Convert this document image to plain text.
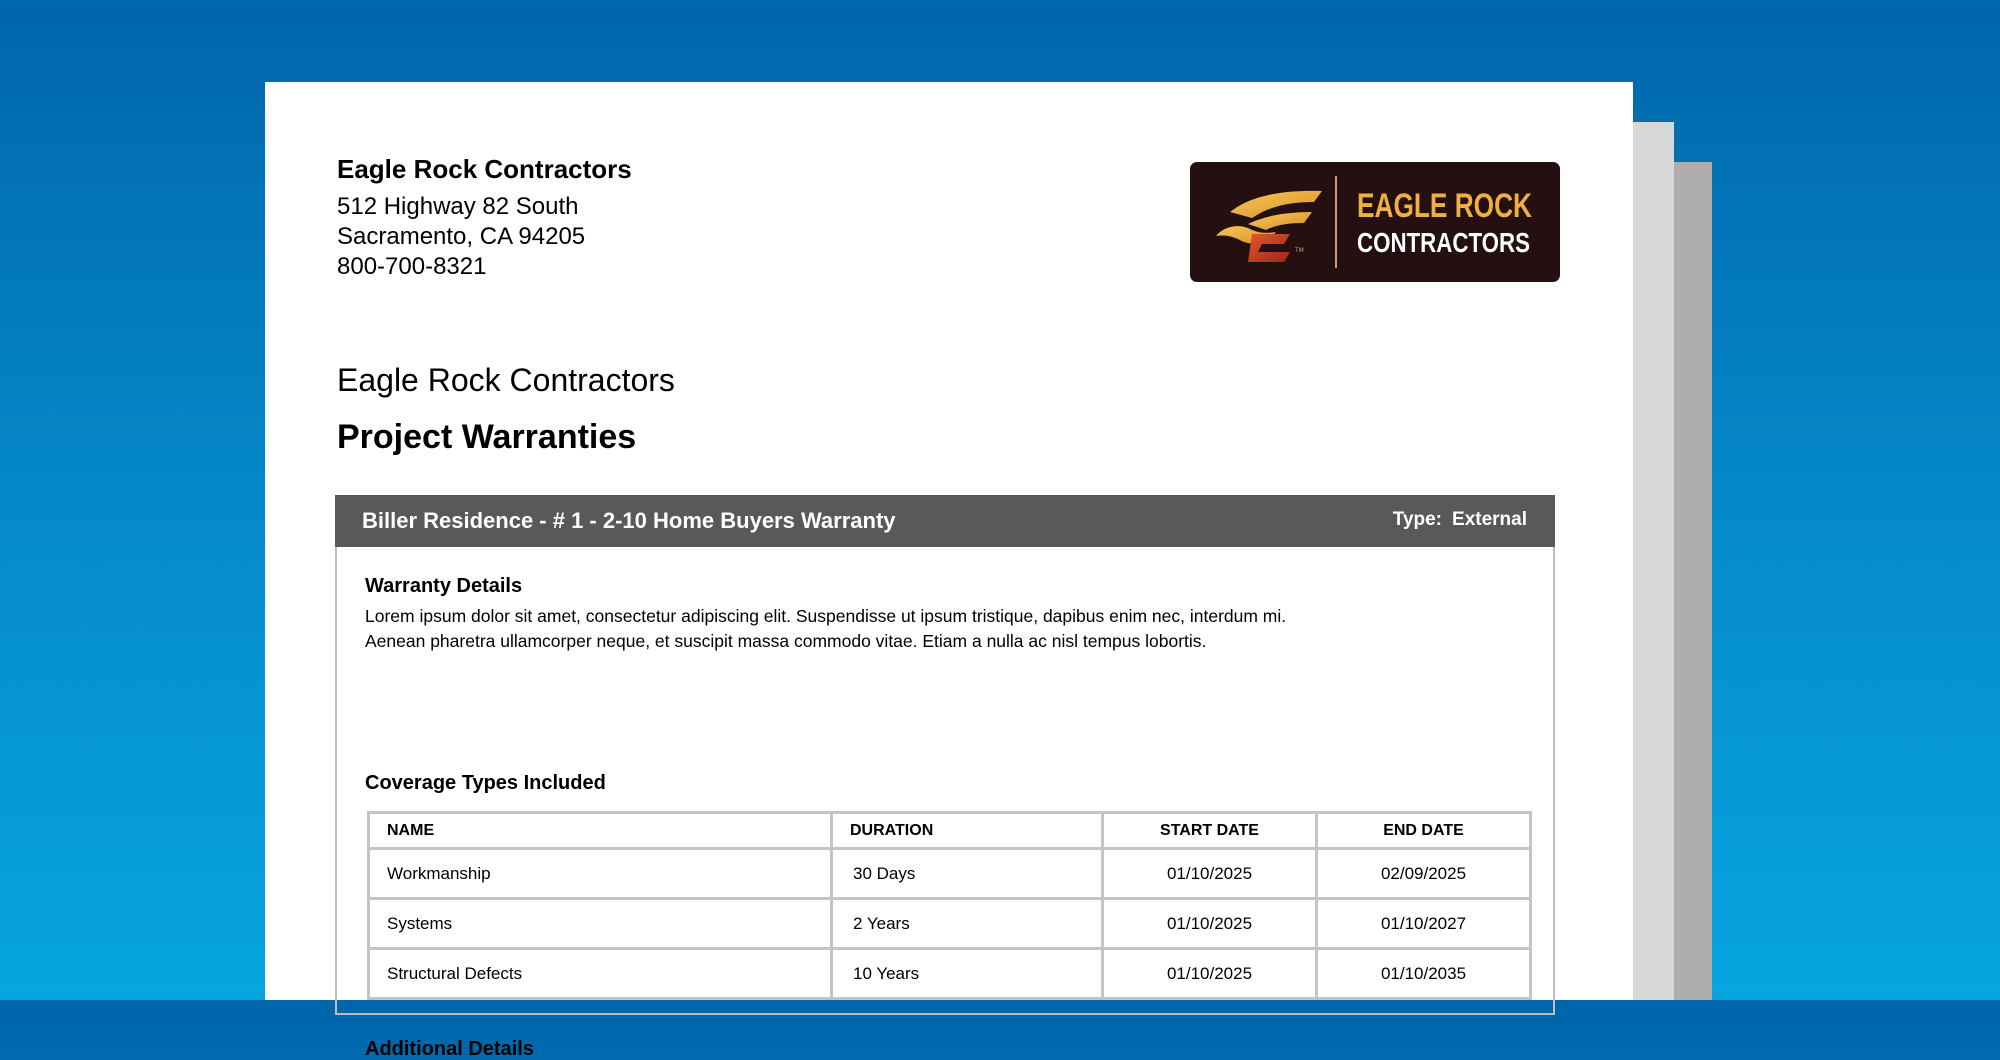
Eagle Rock Contractors
512 Highway 82 South
Sacramento, CA 94205
800-700-8321
TM
EAGLE ROCK
CONTRACTORS
Eagle Rock Contractors
Project Warranties
Biller Residence - # 1 - 2-10 Home Buyers Warranty	Type: External
Warranty Details
Lorem ipsum dolor sit amet, consectetur adipiscing elit. Suspendisse ut ipsum tristique, dapibus enim nec, interdum mi. Aenean pharetra ullamcorper neque, et suscipit massa commodo vitae. Etiam a nulla ac nisl tempus lobortis.
Coverage Types Included
NAME	DURATION	START DATE	END DATE
Workmanship	30 Days	01/10/2025	02/09/2025
Systems	2 Years	01/10/2025	01/10/2027
Structural Defects	10 Years	01/10/2025	01/10/2035
Additional Details
